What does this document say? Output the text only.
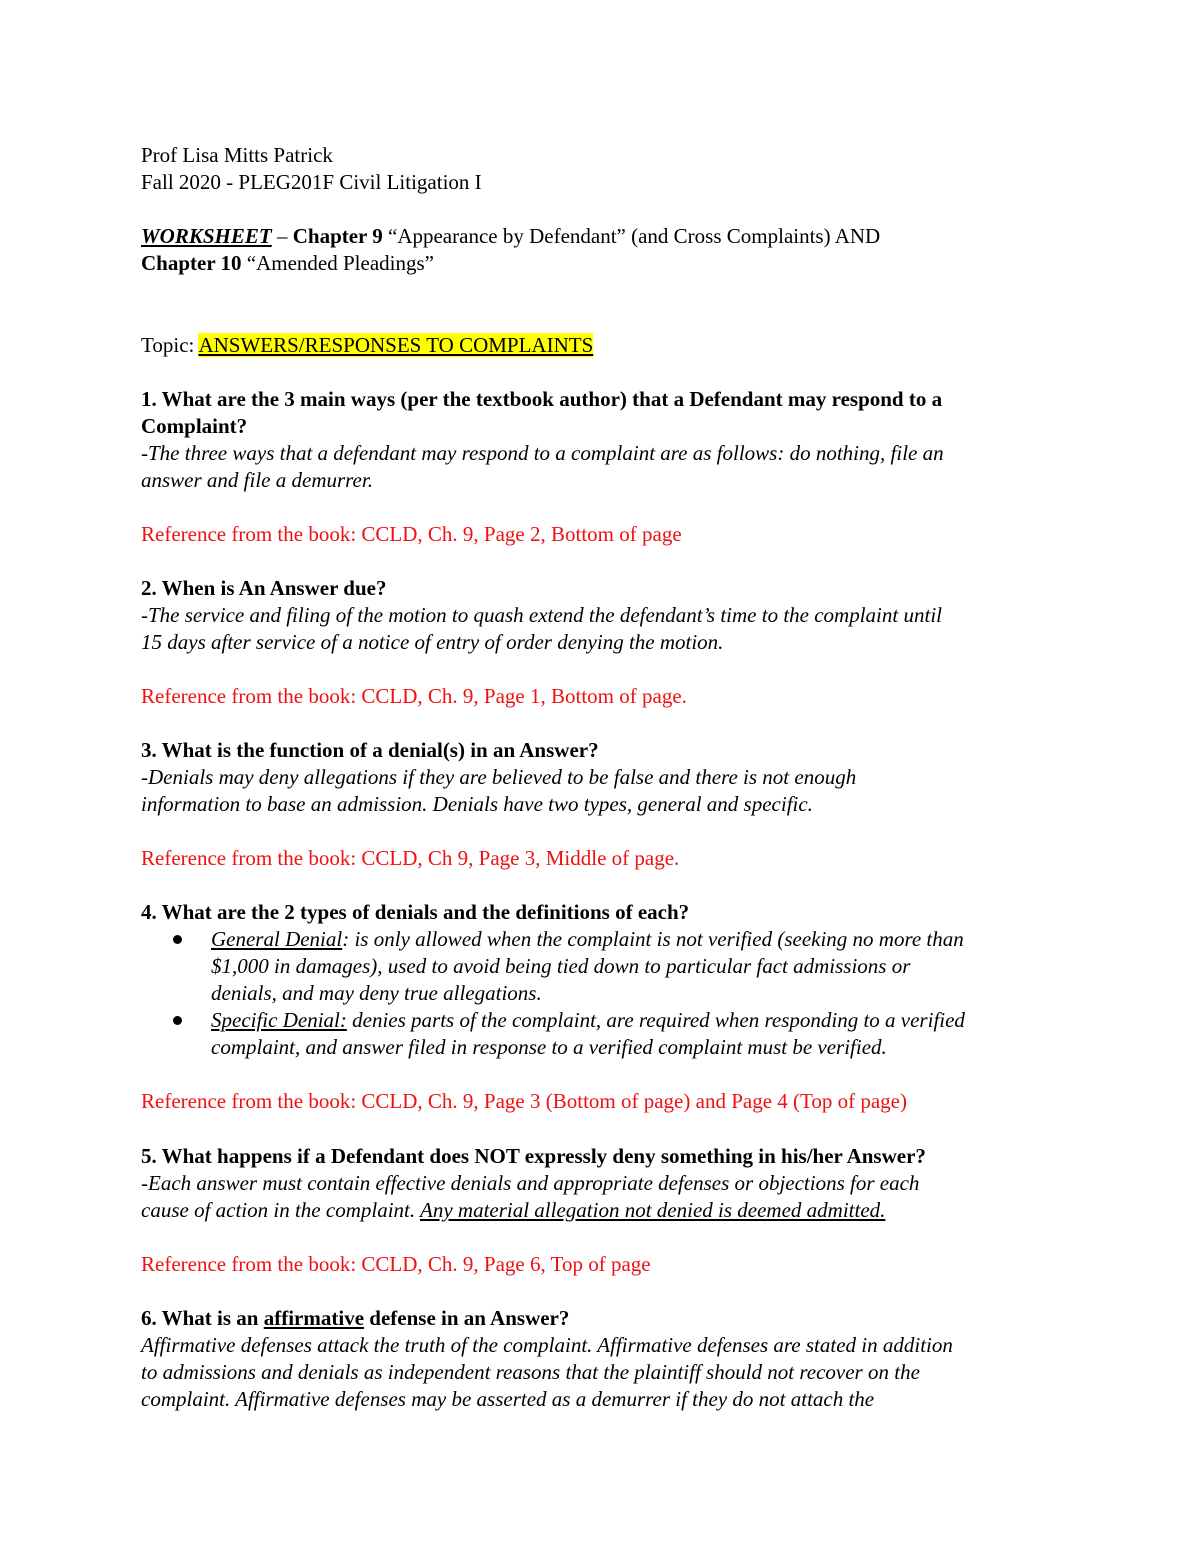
Prof Lisa Mitts Patrick
Fall 2020 - PLEG201F Civil Litigation I
WORKSHEET – Chapter 9 “Appearance by Defendant” (and Cross Complaints) AND
Chapter 10 “Amended Pleadings”
Topic: ANSWERS/RESPONSES TO COMPLAINTS
1. What are the 3 main ways (per the textbook author) that a Defendant may respond to a
Complaint?
-The three ways that a defendant may respond to a complaint are as follows: do nothing, file an
answer and file a demurrer.
Reference from the book: CCLD, Ch. 9, Page 2, Bottom of page
2. When is An Answer due?
-The service and filing of the motion to quash extend the defendant’s time to the complaint until
15 days after service of a notice of entry of order denying the motion.
Reference from the book: CCLD, Ch. 9, Page 1, Bottom of page.
3. What is the function of a denial(s) in an Answer?
-Denials may deny allegations if they are believed to be false and there is not enough
information to base an admission. Denials have two types, general and specific.
Reference from the book: CCLD, Ch 9, Page 3, Middle of page.
4. What are the 2 types of denials and the definitions of each?
General Denial: is only allowed when the complaint is not verified (seeking no more than
$1,000 in damages), used to avoid being tied down to particular fact admissions or
denials, and may deny true allegations.
Specific Denial: denies parts of the complaint, are required when responding to a verified
complaint, and answer filed in response to a verified complaint must be verified.
Reference from the book: CCLD, Ch. 9, Page 3 (Bottom of page) and Page 4 (Top of page)
5. What happens if a Defendant does NOT expressly deny something in his/her Answer?
-Each answer must contain effective denials and appropriate defenses or objections for each
cause of action in the complaint. Any material allegation not denied is deemed admitted.
Reference from the book: CCLD, Ch. 9, Page 6, Top of page
6. What is an affirmative defense in an Answer?
Affirmative defenses attack the truth of the complaint. Affirmative defenses are stated in addition
to admissions and denials as independent reasons that the plaintiff should not recover on the
complaint. Affirmative defenses may be asserted as a demurrer if they do not attach the
